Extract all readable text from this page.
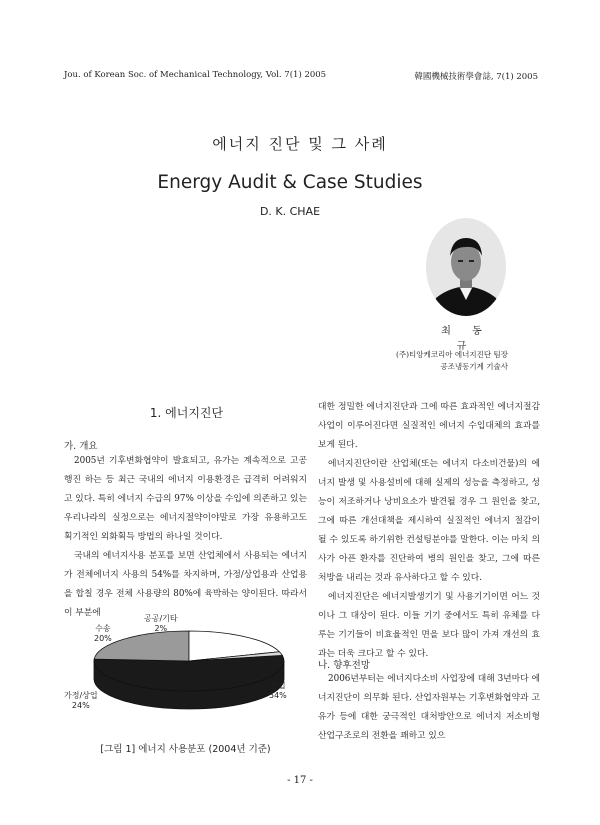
Jou. of Korean Soc. of Mechanical Technology, Vol. 7(1) 2005	韓國機械技術學會誌, 7(1) 2005
에너지 진단 및 그 사례
Energy Audit & Case Studies
D. K. CHAE
최 동 규
(주)티앙케코리아 에너지진단 팀장
공조냉동기계 기술사
1. 에너지진단
가. 개요

2005년 기후변화협약이 발효되고, 유가는 계속적으로 고공행진 하는 등 최근 국내의 에너지 이용환경은 급격히 어려워지고 있다. 특히 에너지 수급의 97% 이상을 수입에 의존하고 있는 우리나라의 실정으로는 에너지절약이야말로 가장 유용하고도 획기적인 외화획득 방법의 하나일 것이다.

국내의 에너지사용 분포를 보면 산업체에서 사용되는 에너지가 전체에너지 사용의 54%를 차지하며, 가정/상업용과 산업용을 합칠 경우 전체 사용량의 80%에 육박하는 양이된다. 따라서 이 부분에

수송
20%
공공/기타
2%
가정/상업
24%
산업
54%
[그림 1] 에너지 사용분포 (2004년 기준)

대한 정밀한 에너지진단과 그에 따른 효과적인 에너지절감사업이 이루어진다면 실질적인 에너지 수입대체의 효과를 보게 된다.

에너지진단이란 산업체(또는 에너지 다소비건물)의 에너지 발생 및 사용설비에 대해 실제의 성능을 측정하고, 성능이 저조하거나 낭비요소가 발견될 경우 그 원인을 찾고, 그에 따른 개선대책을 제시하여 실질적인 에너지 절감이 될 수 있도록 하기위한 컨설팅분야를 말한다. 이는 마치 의사가 아픈 환자를 진단하여 병의 원인을 찾고, 그에 따른 처방을 내리는 것과 유사하다고 할 수 있다.

에너지진단은 에너지발생기기 및 사용기기이면 어느 것이나 그 대상이 된다. 이들 기기 중에서도 특히 유체를 다루는 기기들이 비효율적인 면을 보다 많이 가져 개선의 효과는 더욱 크다고 할 수 있다.

나. 향후전망

2006년부터는 에너지다소비 사업장에 대해 3년마다 에너지진단이 의무화 된다. 산업자원부는 기후변화협약과 고유가 등에 대한 궁극적인 대처방안으로 에너지 저소비형 산업구조로의 전환을 꽤하고 있으

- 17 -
